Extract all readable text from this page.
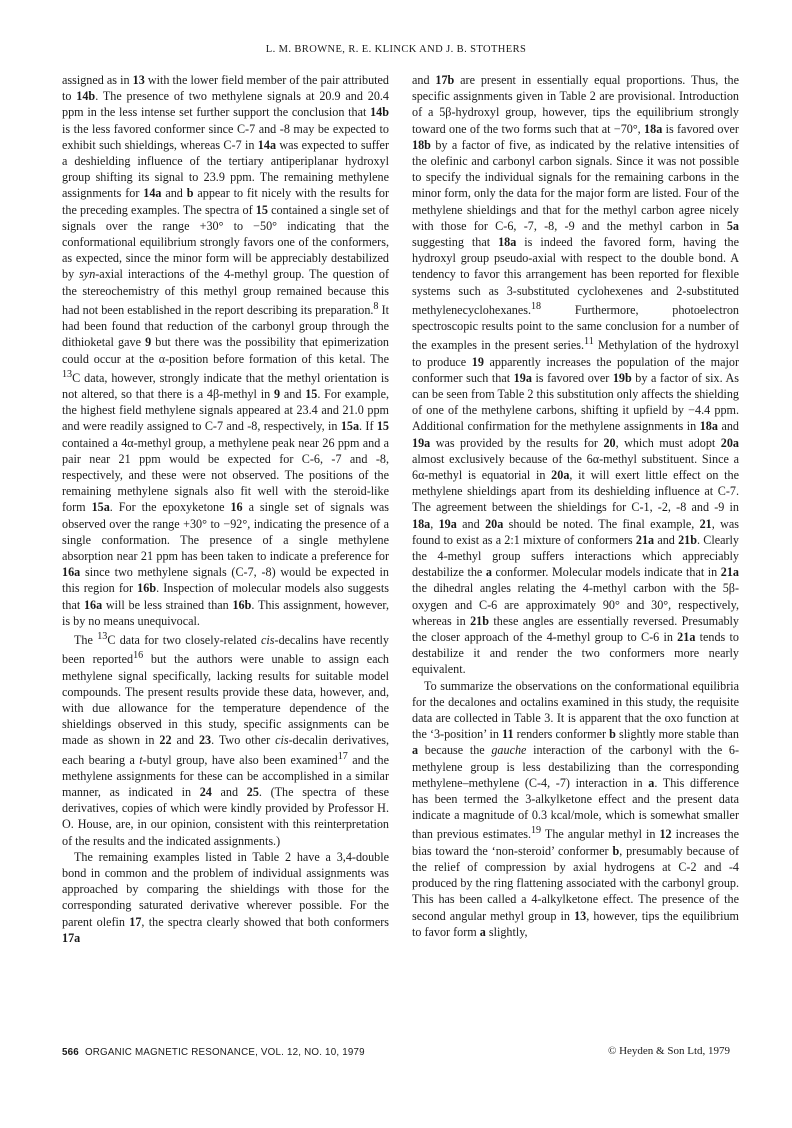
L. M. BROWNE, R. E. KLINCK AND J. B. STOTHERS

assigned as in 13 with the lower field member of the pair attributed to 14b. The presence of two methylene signals at 20.9 and 20.4 ppm in the less intense set further support the conclusion that 14b is the less favored conformer since C-7 and -8 may be expected to exhibit such shieldings, whereas C-7 in 14a was expected to suffer a deshielding influence of the tertiary antiperiplanar hydroxyl group shifting its signal to 23.9 ppm. The remaining methylene assignments for 14a and b appear to fit nicely with the results for the preceding examples. The spectra of 15 contained a single set of signals over the range +30° to −50° indicating that the conformational equilibrium strongly favors one of the conformers, as expected, since the minor form will be appreciably destabilized by syn-axial interactions of the 4-methyl group. The question of the stereochemistry of this methyl group remained because this had not been established in the report describing its preparation.$^8$ It had been found that reduction of the carbonyl group through the dithioketal gave 9 but there was the possibility that epimerization could occur at the α-position before formation of this ketal. The $^{13}$C data, however, strongly indicate that the methyl orientation is not altered, so that there is a 4β-methyl in 9 and 15. For example, the highest field methylene signals appeared at 23.4 and 21.0 ppm and were readily assigned to C-7 and -8, respectively, in 15a. If 15 contained a 4α-methyl group, a methylene peak near 26 ppm and a pair near 21 ppm would be expected for C-6, -7 and -8, respectively, and these were not observed. The positions of the remaining methylene signals also fit well with the steroid-like form 15a. For the epoxyketone 16 a single set of signals was observed over the range +30° to −92°, indicating the presence of a single conformation. The presence of a single methylene absorption near 21 ppm has been taken to indicate a preference for 16a since two methylene signals (C-7, -8) would be expected in this region for 16b. Inspection of molecular models also suggests that 16a will be less strained than 16b. This assignment, however, is by no means unequivocal.

The $^{13}$C data for two closely-related cis-decalins have recently been reported$^{16}$ but the authors were unable to assign each methylene signal specifically, lacking results for suitable model compounds. The present results provide these data, however, and, with due allowance for the temperature dependence of the shieldings observed in this study, specific assignments can be made as shown in 22 and 23. Two other cis-decalin derivatives, each bearing a t-butyl group, have also been examined$^{17}$ and the methylene assignments for these can be accomplished in a similar manner, as indicated in 24 and 25. (The spectra of these derivatives, copies of which were kindly provided by Professor H. O. House, are, in our opinion, consistent with this reinterpretation of the results and the indicated assignments.)

The remaining examples listed in Table 2 have a 3,4-double bond in common and the problem of individual assignments was approached by comparing the shieldings with those for the corresponding saturated derivative wherever possible. For the parent olefin 17, the spectra clearly showed that both conformers 17a

and 17b are present in essentially equal proportions. Thus, the specific assignments given in Table 2 are provisional. Introduction of a 5β-hydroxyl group, however, tips the equilibrium strongly toward one of the two forms such that at −70°, 18a is favored over 18b by a factor of five, as indicated by the relative intensities of the olefinic and carbonyl carbon signals. Since it was not possible to specify the individual signals for the remaining carbons in the minor form, only the data for the major form are listed. Four of the methylene shieldings and that for the methyl carbon agree nicely with those for C-6, -7, -8, -9 and the methyl carbon in 5a suggesting that 18a is indeed the favored form, having the hydroxyl group pseudo-axial with respect to the double bond. A tendency to favor this arrangement has been reported for flexible systems such as 3-substituted cyclohexenes and 2-substituted methylenecyclohexanes.$^{18}$ Furthermore, photoelectron spectroscopic results point to the same conclusion for a number of the examples in the present series.$^{11}$ Methylation of the hydroxyl to produce 19 apparently increases the population of the major conformer such that 19a is favored over 19b by a factor of six. As can be seen from Table 2 this substitution only affects the shielding of one of the methylene carbons, shifting it upfield by −4.4 ppm. Additional confirmation for the methylene assignments in 18a and 19a was provided by the results for 20, which must adopt 20a almost exclusively because of the 6α-methyl substituent. Since a 6α-methyl is equatorial in 20a, it will exert little effect on the methylene shieldings apart from its deshielding influence at C-7. The agreement between the shieldings for C-1, -2, -8 and -9 in 18a, 19a and 20a should be noted. The final example, 21, was found to exist as a 2:1 mixture of conformers 21a and 21b. Clearly the 4-methyl group suffers interactions which appreciably destabilize the a conformer. Molecular models indicate that in 21a the dihedral angles relating the 4-methyl carbon with the 5β-oxygen and C-6 are approximately 90° and 30°, respectively, whereas in 21b these angles are essentially reversed. Presumably the closer approach of the 4-methyl group to C-6 in 21a tends to destabilize it and render the two conformers more nearly equivalent.

To summarize the observations on the conformational equilibria for the decalones and octalins examined in this study, the requisite data are collected in Table 3. It is apparent that the oxo function at the ‘3-position’ in 11 renders conformer b slightly more stable than a because the gauche interaction of the carbonyl with the 6-methylene group is less destabilizing than the corresponding methylene–methylene (C-4, -7) interaction in a. This difference has been termed the 3-alkylketone effect and the present data indicate a magnitude of 0.3 kcal/mole, which is somewhat smaller than previous estimates.$^{19}$ The angular methyl in 12 increases the bias toward the ‘non-steroid’ conformer b, presumably because of the relief of compression by axial hydrogens at C-2 and -4 produced by the ring flattening associated with the carbonyl group. This has been called a 4-alkylketone effect. The presence of the second angular methyl group in 13, however, tips the equilibrium to favor form a slightly,

566 ORGANIC MAGNETIC RESONANCE, VOL. 12, NO. 10, 1979	© Heyden & Son Ltd, 1979
